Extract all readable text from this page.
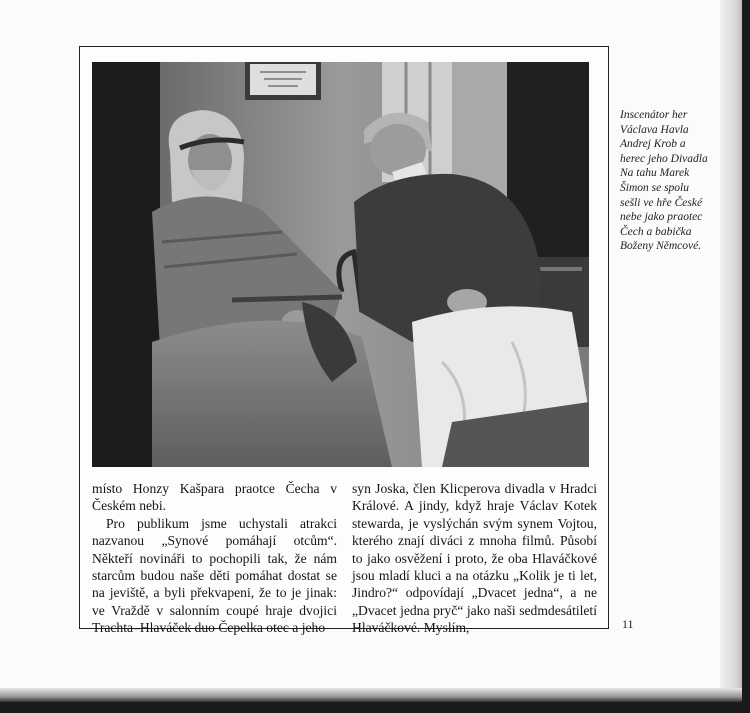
Inscenátor her Václava Havla Andrej Krob a herec jeho Divadla Na tahu Marek Šimon se spolu sešli ve hře České nebe jako praotec Čech a babička Boženy Němcové.

místo Honzy Kašpara praotce Čecha v Českém nebi.

Pro publikum jsme uchystali atrakci nazvanou „Synové pomáhají otcům“. Někteří novináři to pochopili tak, že nám starcům budou naše děti pomáhat dostat se na jeviště, a byli překvapeni, že to je jinak: ve Vraždě v salonním coupé hraje dvojici Trachta–Hlaváček duo Čepelka otec a jeho

syn Joska, člen Klicperova divadla v Hradci Králové. A jindy, když hraje Václav Kotek stewarda, je vyslýchán svým synem Vojtou, kterého znají diváci z mnoha filmů. Působí to jako osvěžení i proto, že oba Hlaváčkové jsou mladí kluci a na otázku „Kolik je ti let, Jindro?“ odpovídají „Dvacet jedna“, a ne „Dvacet jedna pryč“ jako naši sedmdesátiletí Hlaváčkové. Myslím,	11
